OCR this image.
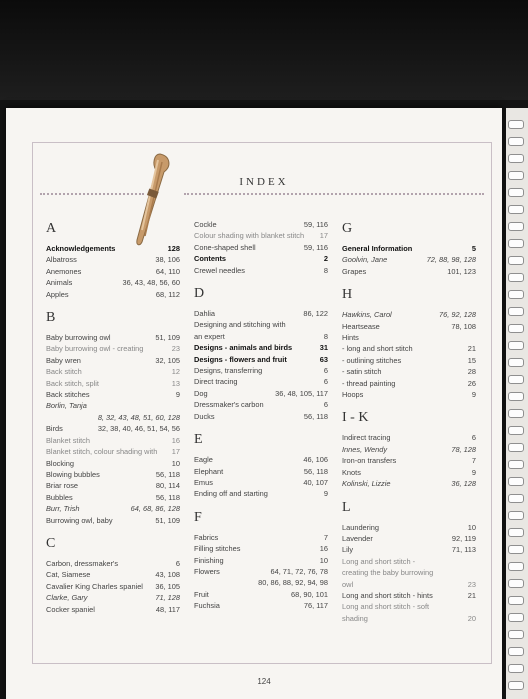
INDEX
A
Acknowledgements	128
Albatross	38, 106
Anemones	64, 110
Animals	36, 43, 48, 56, 60
Apples	68, 112
B
Baby burrowing owl	51, 109
Baby burrowing owl - creating	23
Baby wren	32, 105
Back stitch	12
Back stitch, split	13
Back stitches	9
Borlin, Tanja
8, 32, 43, 48, 51, 60, 128
Birds	32, 38, 40, 46, 51, 54, 56
Blanket stitch	16
Blanket stitch, colour shading with	17
Blocking	10
Blowing bubbles	56, 118
Briar rose	80, 114
Bubbles	56, 118
Burr, Trish	64, 68, 86, 128
Burrowing owl, baby	51, 109
C
Carbon, dressmaker's	6
Cat, Siamese	43, 108
Cavalier King Charles spaniel	36, 105
Clarke, Gary	71, 128
Cocker spaniel	48, 117
Cockle	59, 116
Colour shading with blanket stitch	17
Cone-shaped shell	59, 116
Contents	2
Crewel needles	8
D
Dahlia	86, 122
Designing and stitching with an expert	8
Designs - animals and birds	31
Designs - flowers and fruit	63
Designs, transferring	6
Direct tracing	6
Dog	36, 48, 105, 117
Dressmaker's carbon	6
Ducks	56, 118
E
Eagle	46, 106
Elephant	56, 118
Emus	40, 107
Ending off and starting	9
F
Fabrics	7
Filling stitches	16
Finishing	10
Flowers	64, 71, 72, 76, 78
80, 86, 88, 92, 94, 98
Fruit	68, 90, 101
Fuchsia	76, 117
G
General Information	5
Goolvin, Jane	72, 88, 98, 128
Grapes	101, 123
H
Hawkins, Carol	76, 92, 128
Heartsease	78, 108
Hints
- long and short stitch	21
- outlining stitches	15
- satin stitch	28
- thread painting	26
Hoops	9
I - K
Indirect tracing	6
Innes, Wendy	78, 128
Iron-on transfers	7
Knots	9
Kolinski, Lizzie	36, 128
L
Laundering	10
Lavender	92, 119
Lily	71, 113
Long and short stitch - creating the baby burrowing owl	23
Long and short stitch - hints	21
Long and short stitch - soft shading	20
124
